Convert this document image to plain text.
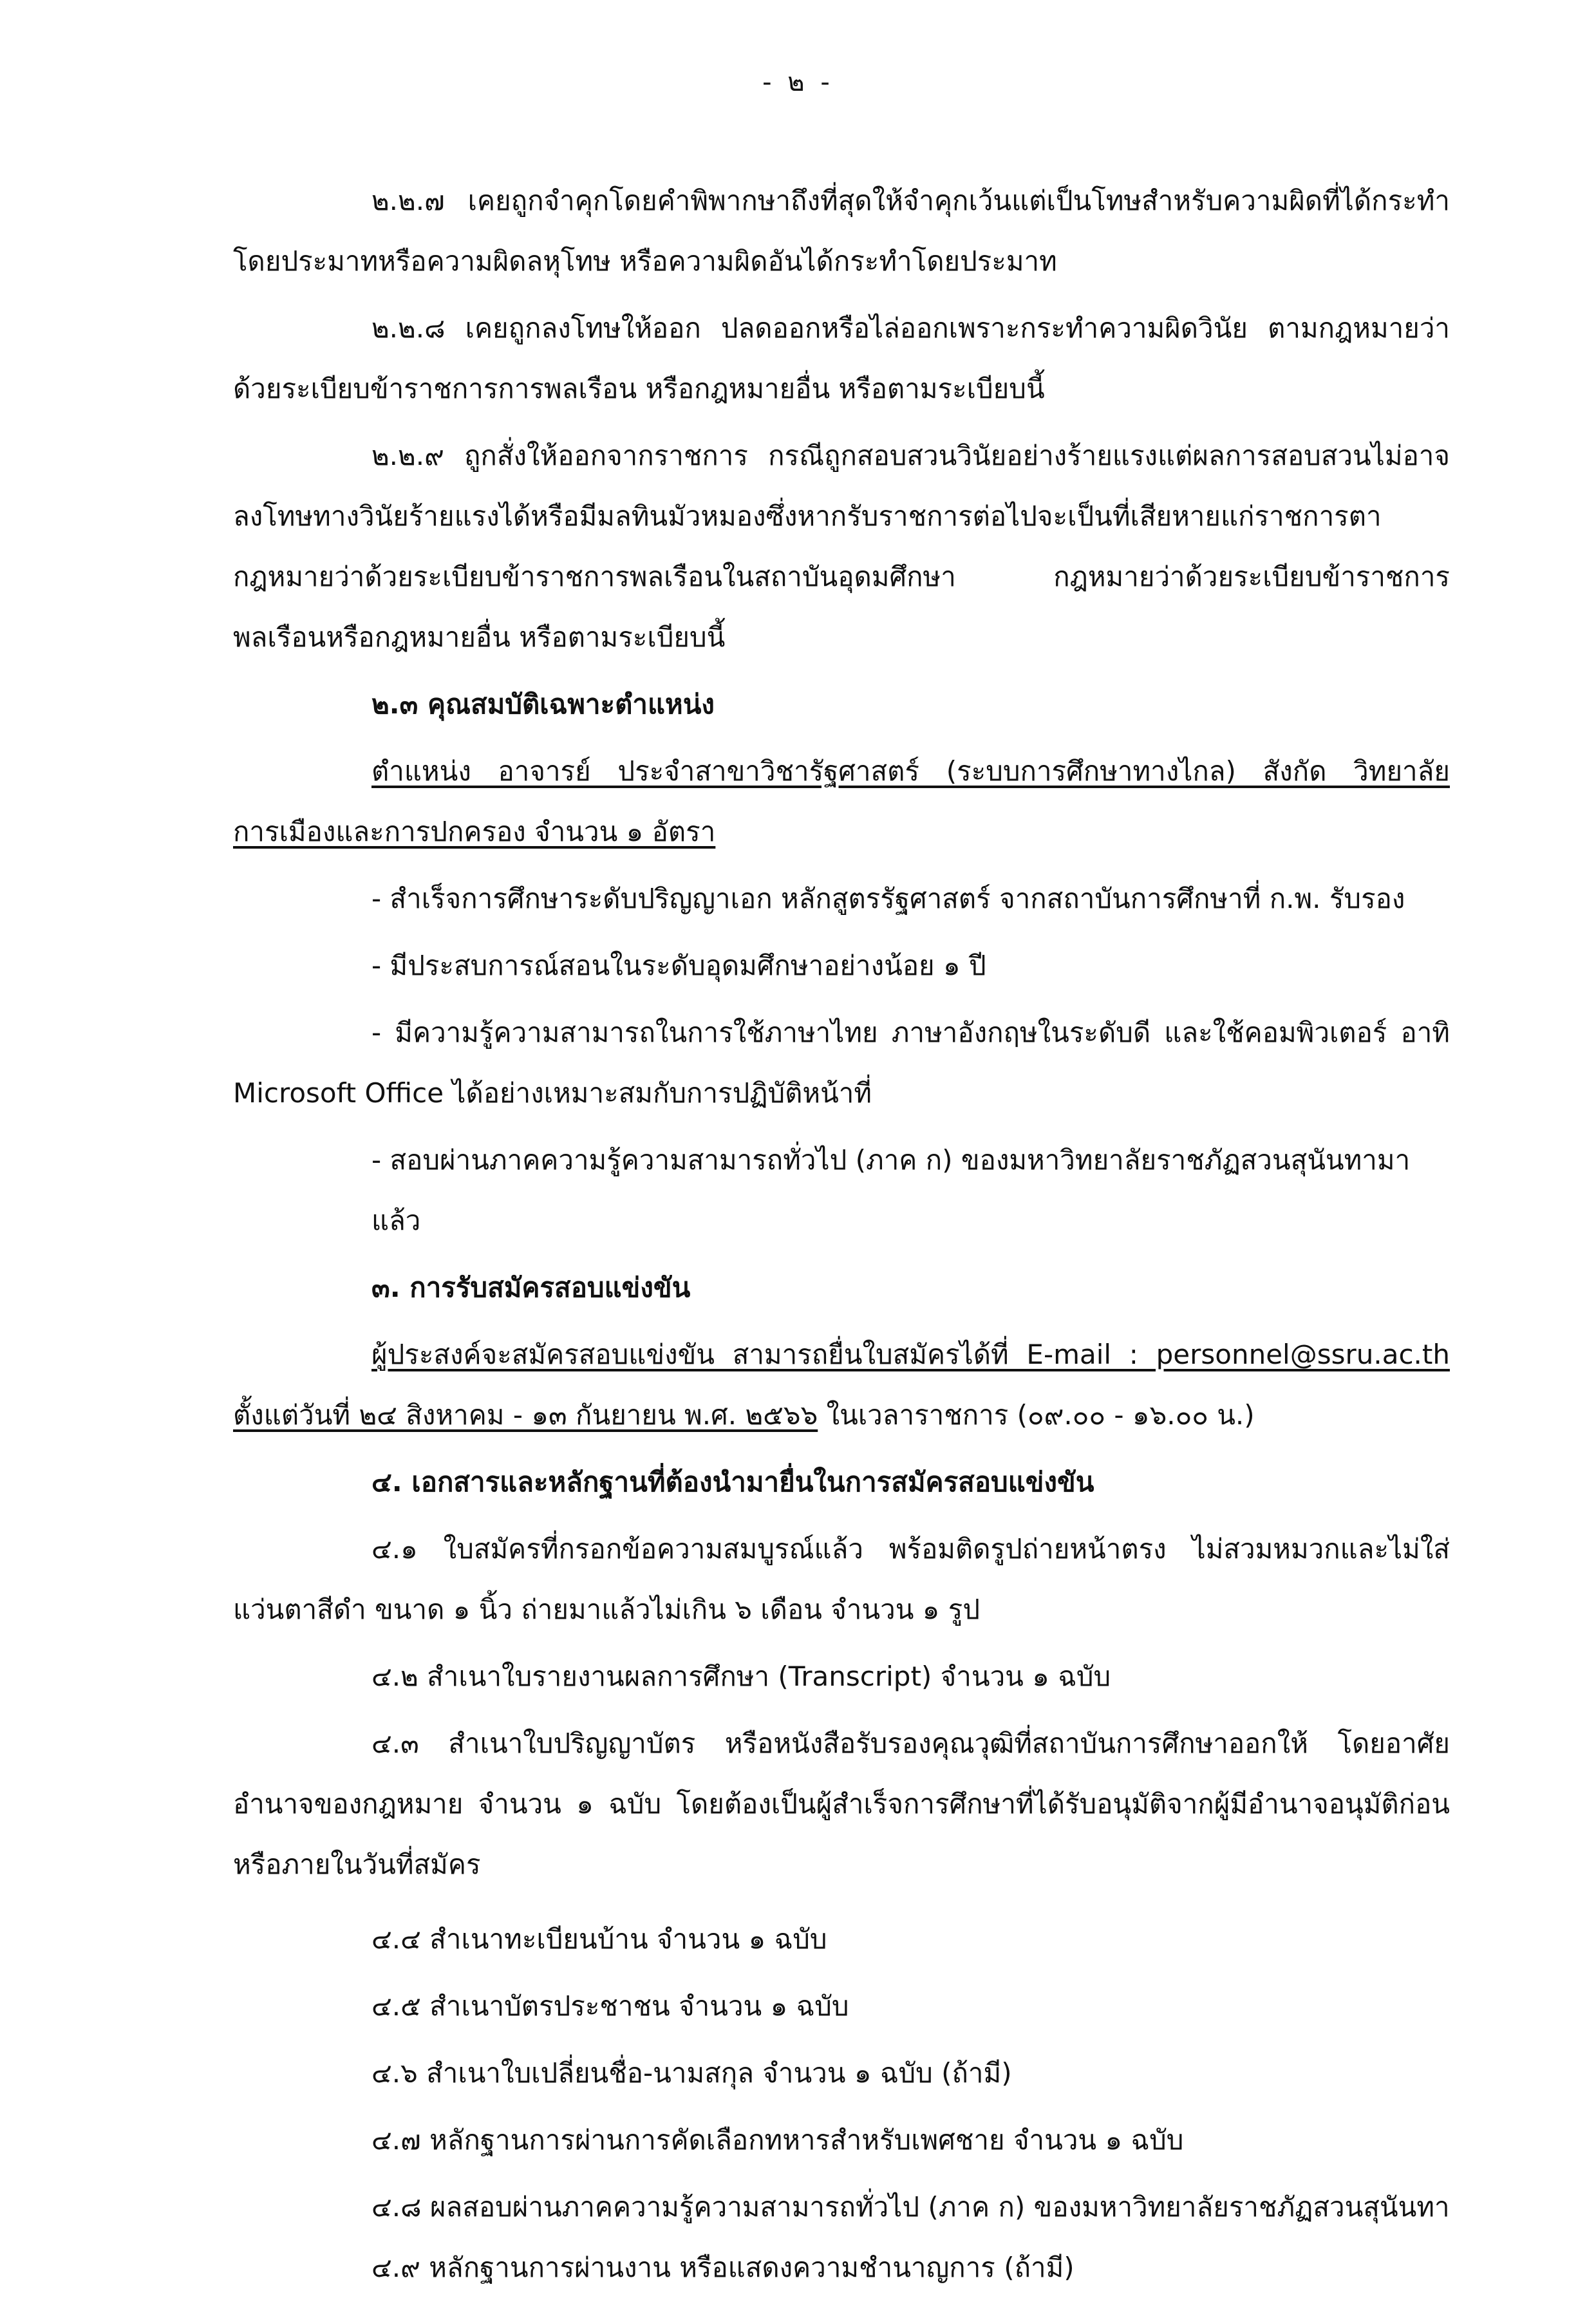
- ๒ -

๒.๒.๗ เคยถูกจำคุกโดยคำพิพากษาถึงที่สุดให้จำคุกเว้นแต่เป็นโทษสำหรับความผิดที่ได้กระทำโดยประมาทหรือความผิดลหุโทษ หรือความผิดอันได้กระทำโดยประมาท

๒.๒.๘ เคยถูกลงโทษให้ออก ปลดออกหรือไล่ออกเพราะกระทำความผิดวินัย ตามกฎหมายว่าด้วยระเบียบข้าราชการการพลเรือน หรือกฎหมายอื่น หรือตามระเบียบนี้

๒.๒.๙ ถูกสั่งให้ออกจากราชการ กรณีถูกสอบสวนวินัยอย่างร้ายแรงแต่ผลการสอบสวนไม่อาจลงโทษทางวินัยร้ายแรงได้หรือมีมลทินมัวหมองซึ่งหากรับราชการต่อไปจะเป็นที่เสียหายแก่ราชการตากฎหมายว่าด้วยระเบียบข้าราชการพลเรือนในสถาบันอุดมศึกษา กฎหมายว่าด้วยระเบียบข้าราชการพลเรือนหรือกฎหมายอื่น หรือตามระเบียบนี้

๒.๓ คุณสมบัติเฉพาะตำแหน่ง

ตำแหน่ง อาจารย์ ประจำสาขาวิชารัฐศาสตร์ (ระบบการศึกษาทางไกล) สังกัด วิทยาลัยการเมืองและการปกครอง จำนวน ๑ อัตรา

- สำเร็จการศึกษาระดับปริญญาเอก หลักสูตรรัฐศาสตร์ จากสถาบันการศึกษาที่ ก.พ. รับรอง

- มีประสบการณ์สอนในระดับอุดมศึกษาอย่างน้อย ๑ ปี

- มีความรู้ความสามารถในการใช้ภาษาไทย ภาษาอังกฤษในระดับดี และใช้คอมพิวเตอร์ อาทิ Microsoft Office ได้อย่างเหมาะสมกับการปฏิบัติหน้าที่

- สอบผ่านภาคความรู้ความสามารถทั่วไป (ภาค ก) ของมหาวิทยาลัยราชภัฏสวนสุนันทามาแล้ว

๓. การรับสมัครสอบแข่งขัน

ผู้ประสงค์จะสมัครสอบแข่งขัน สามารถยื่นใบสมัครได้ที่ E-mail : personnel@ssru.ac.th ตั้งแต่วันที่ ๒๔ สิงหาคม - ๑๓ กันยายน พ.ศ. ๒๕๖๖ ในเวลาราชการ (๐๙.๐๐ - ๑๖.๐๐ น.)

๔. เอกสารและหลักฐานที่ต้องนำมายื่นในการสมัครสอบแข่งขัน

๔.๑ ใบสมัครที่กรอกข้อความสมบูรณ์แล้ว พร้อมติดรูปถ่ายหน้าตรง ไม่สวมหมวกและไม่ใส่แว่นตาสีดำ ขนาด ๑ นิ้ว ถ่ายมาแล้วไม่เกิน ๖ เดือน จำนวน ๑ รูป

๔.๒ สำเนาใบรายงานผลการศึกษา (Transcript) จำนวน ๑ ฉบับ

๔.๓ สำเนาใบปริญญาบัตร หรือหนังสือรับรองคุณวุฒิที่สถาบันการศึกษาออกให้ โดยอาศัยอำนาจของกฎหมาย จำนวน ๑ ฉบับ โดยต้องเป็นผู้สำเร็จการศึกษาที่ได้รับอนุมัติจากผู้มีอำนาจอนุมัติก่อนหรือภายในวันที่สมัคร

๔.๔ สำเนาทะเบียนบ้าน จำนวน ๑ ฉบับ

๔.๕ สำเนาบัตรประชาชน จำนวน ๑ ฉบับ

๔.๖ สำเนาใบเปลี่ยนชื่อ-นามสกุล จำนวน ๑ ฉบับ (ถ้ามี)

๔.๗ หลักฐานการผ่านการคัดเลือกทหารสำหรับเพศชาย จำนวน ๑ ฉบับ

๔.๘ ผลสอบผ่านภาคความรู้ความสามารถทั่วไป (ภาค ก) ของมหาวิทยาลัยราชภัฏสวนสุนันทา

๔.๙ หลักฐานการผ่านงาน หรือแสดงความชำนาญการ (ถ้ามี)
